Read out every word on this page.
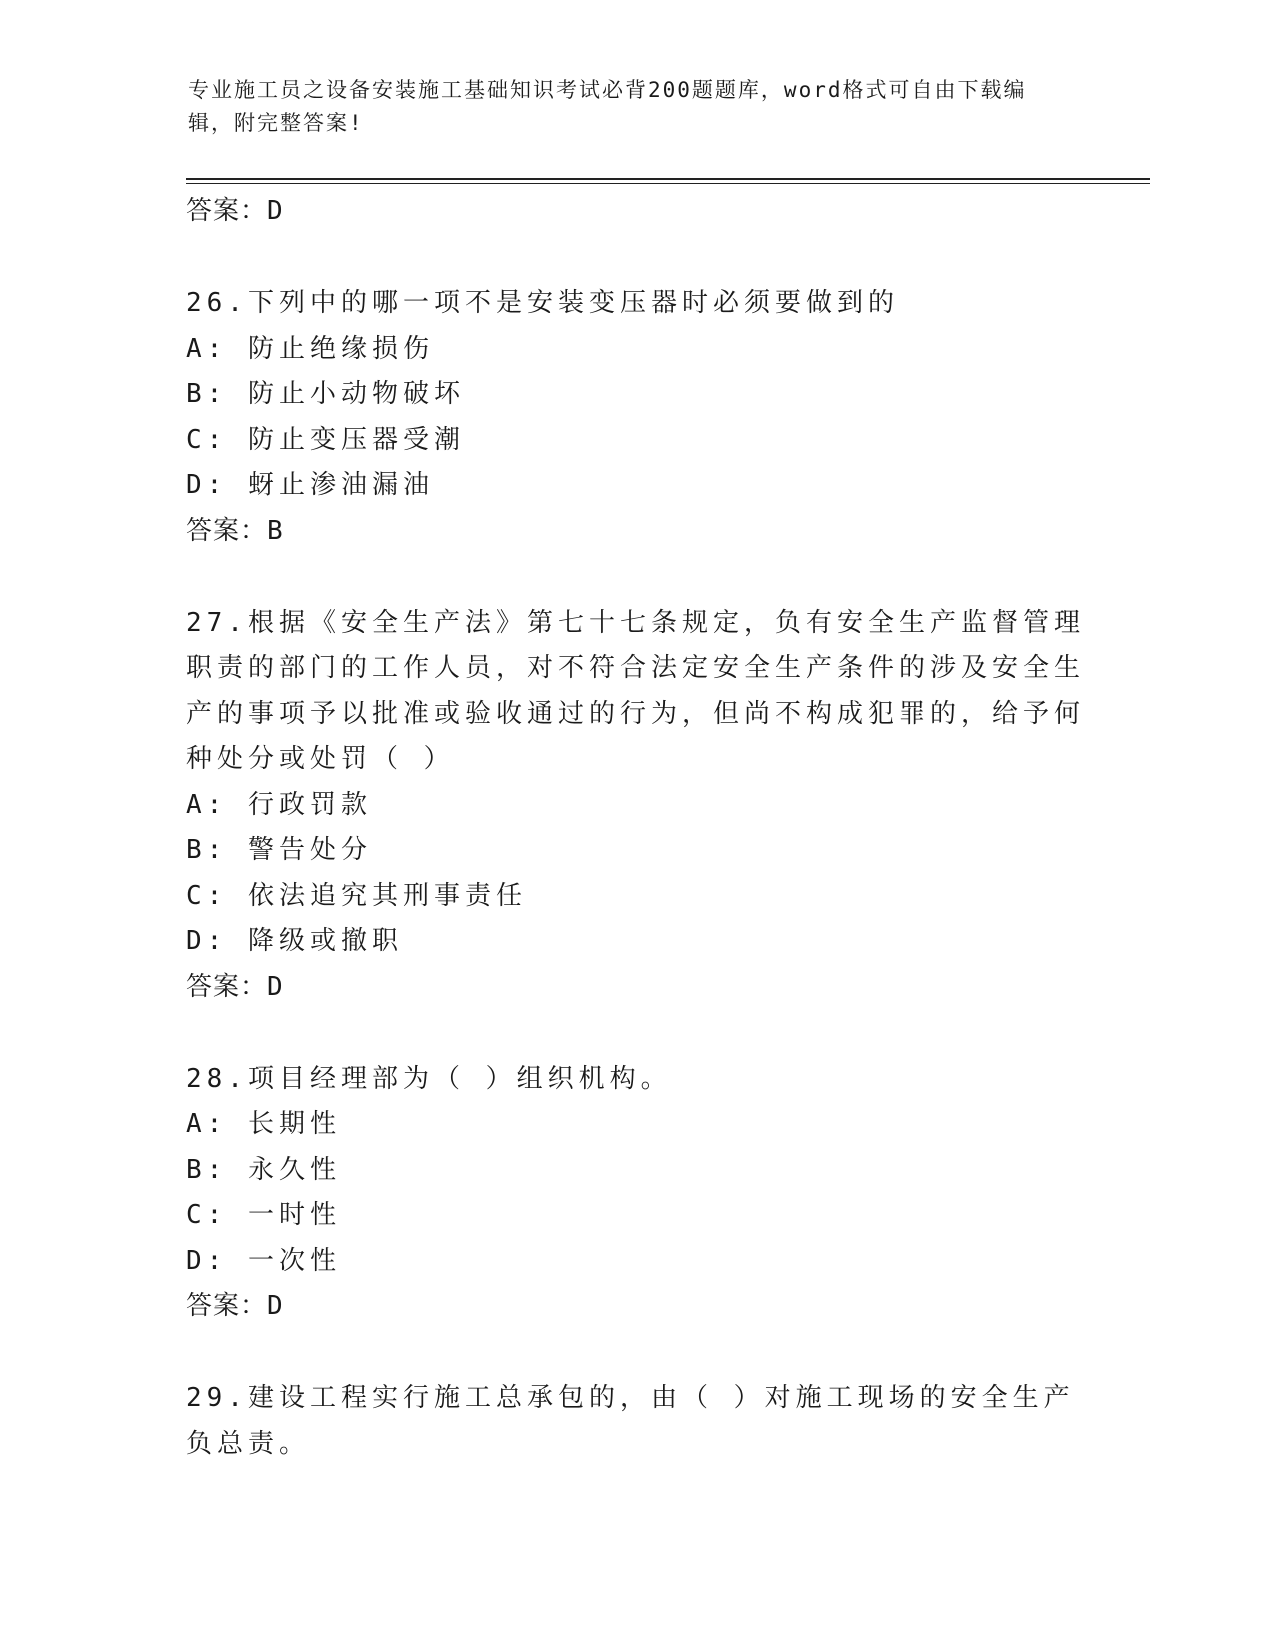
专业施工员之设备安装施工基础知识考试必背200题题库，word格式可自由下载编辑，附完整答案!
答案：D
26.下列中的哪一项不是安装变压器时必须要做到的
A: 防止绝缘损伤
B: 防止小动物破坏
C: 防止变压器受潮
D: 蚜止渗油漏油
答案：B
27.根据《安全生产法》第七十七条规定，负有安全生产监督管理职责的部门的工作人员，对不符合法定安全生产条件的涉及安全生产的事项予以批准或验收通过的行为，但尚不构成犯罪的，给予何种处分或处罚（ ）
A: 行政罚款
B: 警告处分
C: 依法追究其刑事责任
D: 降级或撤职
答案：D
28.项目经理部为（ ）组织机构。
A: 长期性
B: 永久性
C: 一时性
D: 一次性
答案：D
29.建设工程实行施工总承包的，由（ ）对施工现场的安全生产负总责。
